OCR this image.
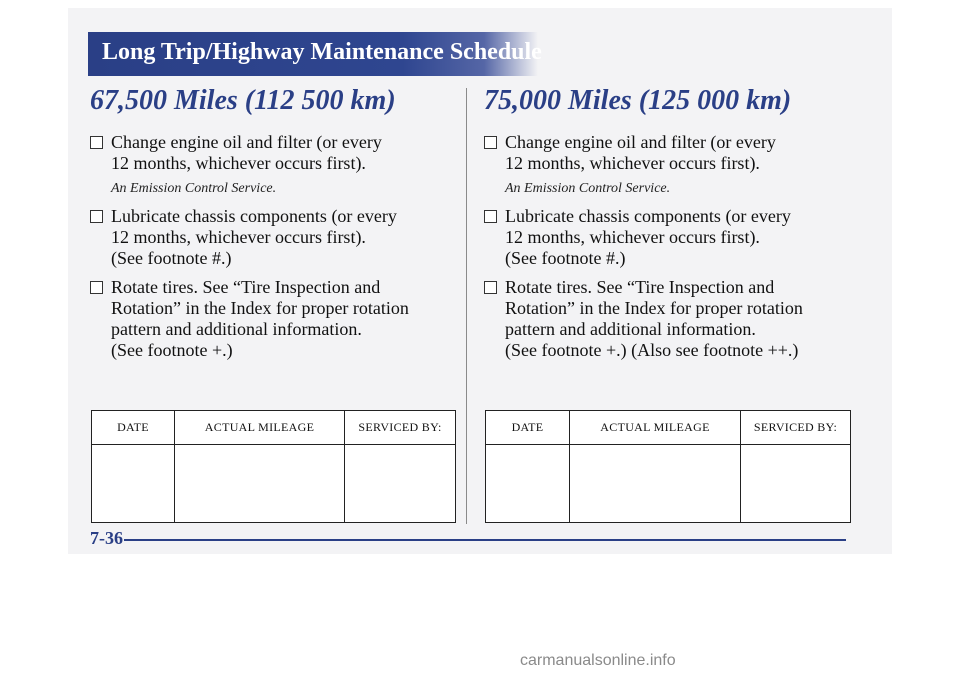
Long Trip/Highway Maintenance Schedule
67,500 Miles (112 500 km)
Change engine oil and filter (or every
12 months, whichever occurs first).
An Emission Control Service.
Lubricate chassis components (or every
12 months, whichever occurs first).
(See footnote #.)
Rotate tires. See “Tire Inspection and
Rotation” in the Index for proper rotation
pattern and additional information.
(See footnote +.)
75,000 Miles (125 000 km)
Change engine oil and filter (or every
12 months, whichever occurs first).
An Emission Control Service.
Lubricate chassis components (or every
12 months, whichever occurs first).
(See footnote #.)
Rotate tires. See “Tire Inspection and
Rotation” in the Index for proper rotation
pattern and additional information.
(See footnote +.) (Also see footnote ++.)
DATE	ACTUAL MILEAGE	SERVICED BY:
			DATE	ACTUAL MILEAGE	SERVICED BY:

7-36
carmanualsonline.info
